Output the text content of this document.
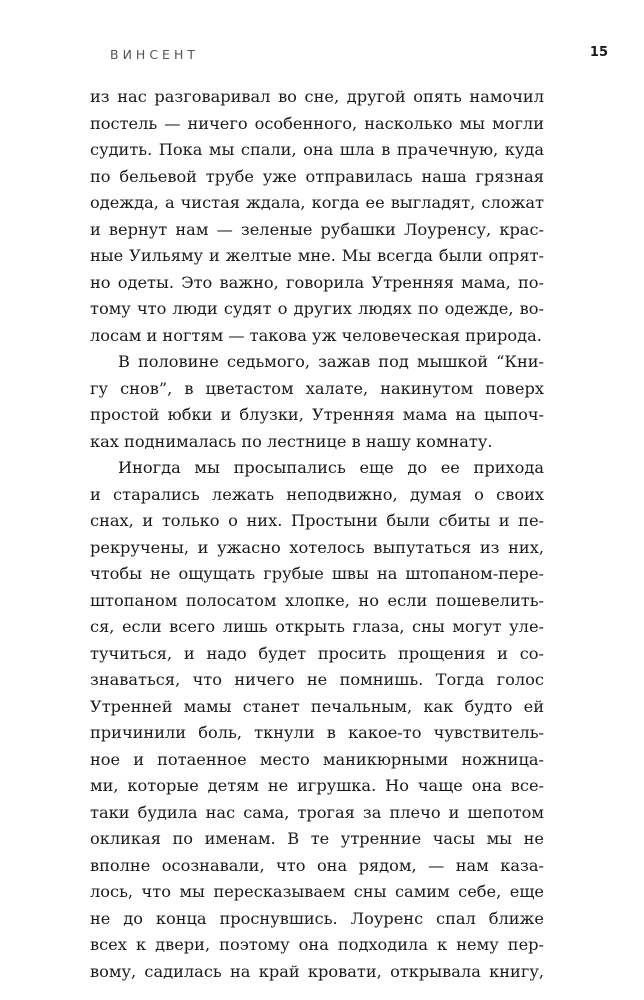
ВИНСЕНТ	15
из нас разговаривал во сне, другой опять намочил
постель — ничего особенного, насколько мы могли
судить. Пока мы спали, она шла в прачечную, куда
по бельевой трубе уже отправилась наша грязная
одежда, а чистая ждала, когда ее выгладят, сложат
и вернут нам — зеленые рубашки Лоуренсу, крас-
ные Уильяму и желтые мне. Мы всегда были опрят-
но одеты. Это важно, говорила Утренняя мама, по-
тому что люди судят о других людях по одежде, во-
лосам и ногтям — такова уж человеческая природа.
В половине седьмого, зажав под мышкой “Кни-
гу снов”, в цветастом халате, накинутом поверх
простой юбки и блузки, Утренняя мама на цыпоч-
ках поднималась по лестнице в нашу комнату.
Иногда мы просыпались еще до ее прихода
и старались лежать неподвижно, думая о своих
снах, и только о них. Простыни были сбиты и пе-
рекручены, и ужасно хотелось выпутаться из них,
чтобы не ощущать грубые швы на штопаном-пере-
штопаном полосатом хлопке, но если пошевелить-
ся, если всего лишь открыть глаза, сны могут уле-
тучиться, и надо будет просить прощения и со-
знаваться, что ничего не помнишь. Тогда голос
Утренней мамы станет печальным, как будто ей
причинили боль, ткнули в какое-то чувствитель-
ное и потаенное место маникюрными ножница-
ми, которые детям не игрушка. Но чаще она все-
таки будила нас сама, трогая за плечо и шепотом
окликая по именам. В те утренние часы мы не
вполне осознавали, что она рядом, — нам каза-
лось, что мы пересказываем сны самим себе, еще
не до конца проснувшись. Лоуренс спал ближе
всех к двери, поэтому она подходила к нему пер-
вому, садилась на край кровати, открывала книгу,
